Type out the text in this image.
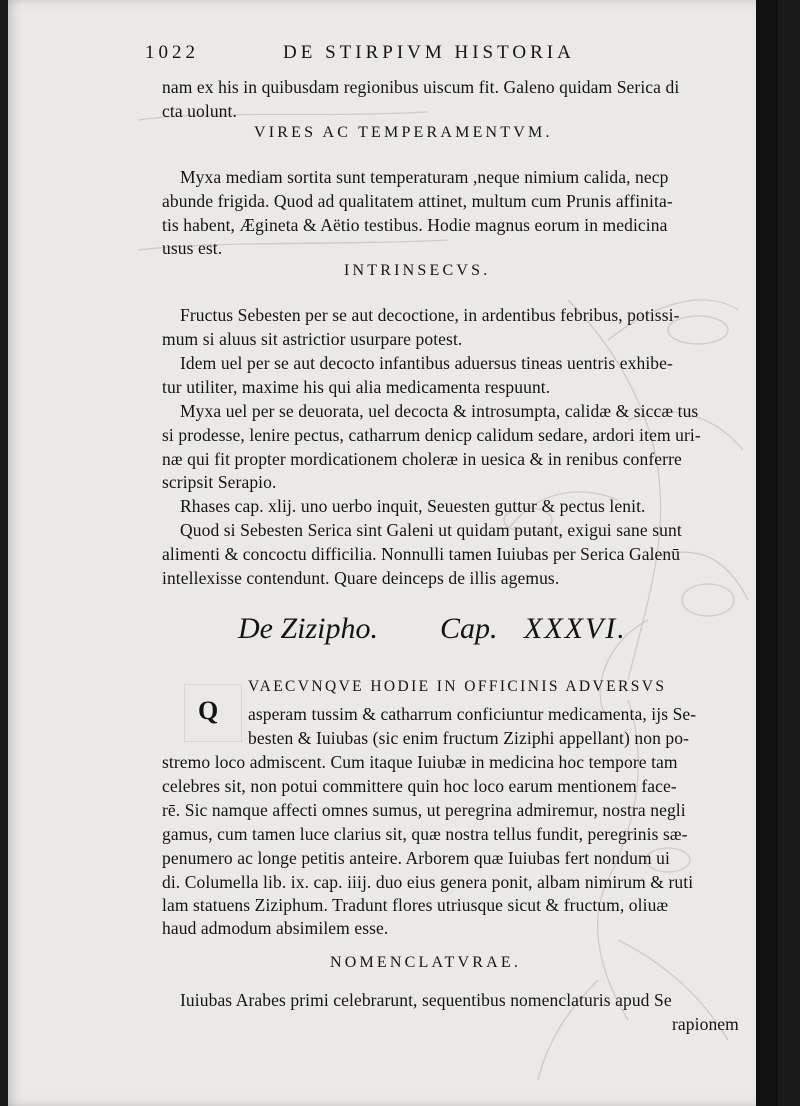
1022	DE STIRPIVM HISTORIA
nam ex his in quibusdam regionibus uiscum fit. Galeno quidam Serica di
cta uolunt.
VIRES AC TEMPERAMENTVM.
Myxa mediam sortita sunt temperaturam ,neque nimium calida, necp
abunde frigida. Quod ad qualitatem attinet, multum cum Prunis affinita-
tis habent, Ægineta & Aëtio testibus. Hodie magnus eorum in medicina
usus est.
INTRINSECVS.
Fructus Sebesten per se aut decoctione, in ardentibus febribus, potissi-
mum si aluus sit astrictior usurpare potest.
Idem uel per se aut decocto infantibus aduersus tineas uentris exhibe-
tur utiliter, maxime his qui alia medicamenta respuunt.
Myxa uel per se deuorata, uel decocta & introsumpta, calidæ & siccæ tus
si prodesse, lenire pectus, catharrum denicp calidum sedare, ardori item uri-
næ qui fit propter mordicationem choleræ in uesica & in renibus conferre
scripsit Serapio.
Rhases cap. xlij. uno uerbo inquit, Seuesten guttur & pectus lenit.
Quod si Sebesten Serica sint Galeni ut quidam putant, exigui sane sunt
alimenti & concoctu difficilia. Nonnulli tamen Iuiubas per Serica Galenū
intellexisse contendunt. Quare deinceps de illis agemus.
De Zizipho. Cap. XXXVI.
Q
VAECVNQVE HODIE IN OFFICINIS ADVERSVS
asperam tussim & catharrum conficiuntur medicamenta, ijs Se-
besten & Iuiubas (sic enim fructum Ziziphi appellant) non po-
stremo loco admiscent. Cum itaque Iuiubæ in medicina hoc tempore tam
celebres sit, non potui committere quin hoc loco earum mentionem face-
rē. Sic namque affecti omnes sumus, ut peregrina admiremur, nostra negli
gamus, cum tamen luce clarius sit, quæ nostra tellus fundit, peregrinis sæ-
penumero ac longe petitis anteire. Arborem quæ Iuiubas fert nondum ui
di. Columella lib. ix. cap. iiij. duo eius genera ponit, albam nimirum & ruti
lam statuens Ziziphum. Tradunt flores utriusque sicut & fructum, oliuæ
haud admodum absimilem esse.
NOMENCLATVRAE.
Iuiubas Arabes primi celebrarunt, sequentibus nomenclaturis apud Se
rapionem
